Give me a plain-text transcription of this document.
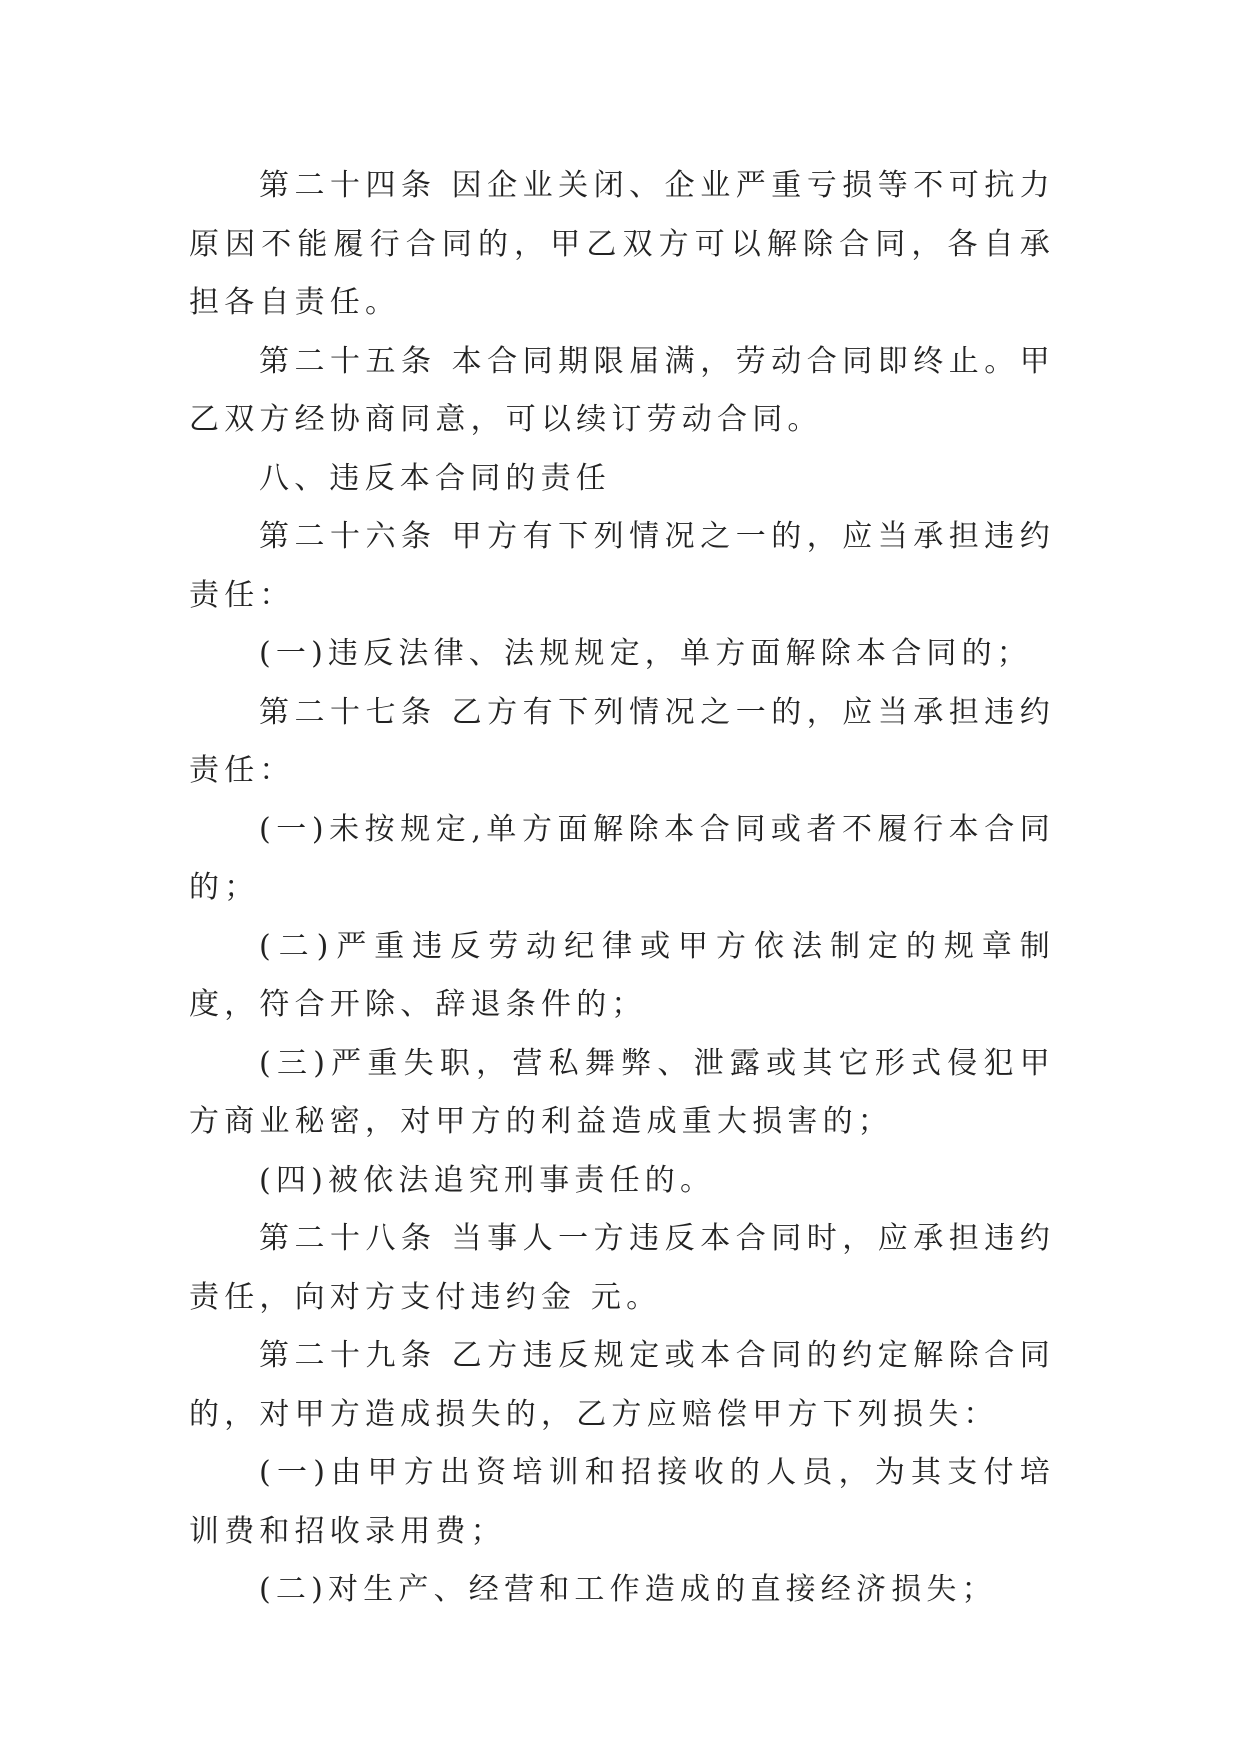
第二十四条 因企业关闭、企业严重亏损等不可抗力原因不能履行合同的，甲乙双方可以解除合同，各自承担各自责任。

第二十五条 本合同期限届满，劳动合同即终止。甲乙双方经协商同意，可以续订劳动合同。

八、违反本合同的责任

第二十六条 甲方有下列情况之一的，应当承担违约责任：

(一)违反法律、法规规定，单方面解除本合同的；

第二十七条 乙方有下列情况之一的，应当承担违约责任：

(一)未按规定,单方面解除本合同或者不履行本合同的；

(二)严重违反劳动纪律或甲方依法制定的规章制度，符合开除、辞退条件的；

(三)严重失职，营私舞弊、泄露或其它形式侵犯甲方商业秘密，对甲方的利益造成重大损害的；

(四)被依法追究刑事责任的。

第二十八条 当事人一方违反本合同时，应承担违约责任，向对方支付违约金 元。

第二十九条 乙方违反规定或本合同的约定解除合同的，对甲方造成损失的，乙方应赔偿甲方下列损失：

(一)由甲方出资培训和招接收的人员，为其支付培训费和招收录用费；

(二)对生产、经营和工作造成的直接经济损失；
